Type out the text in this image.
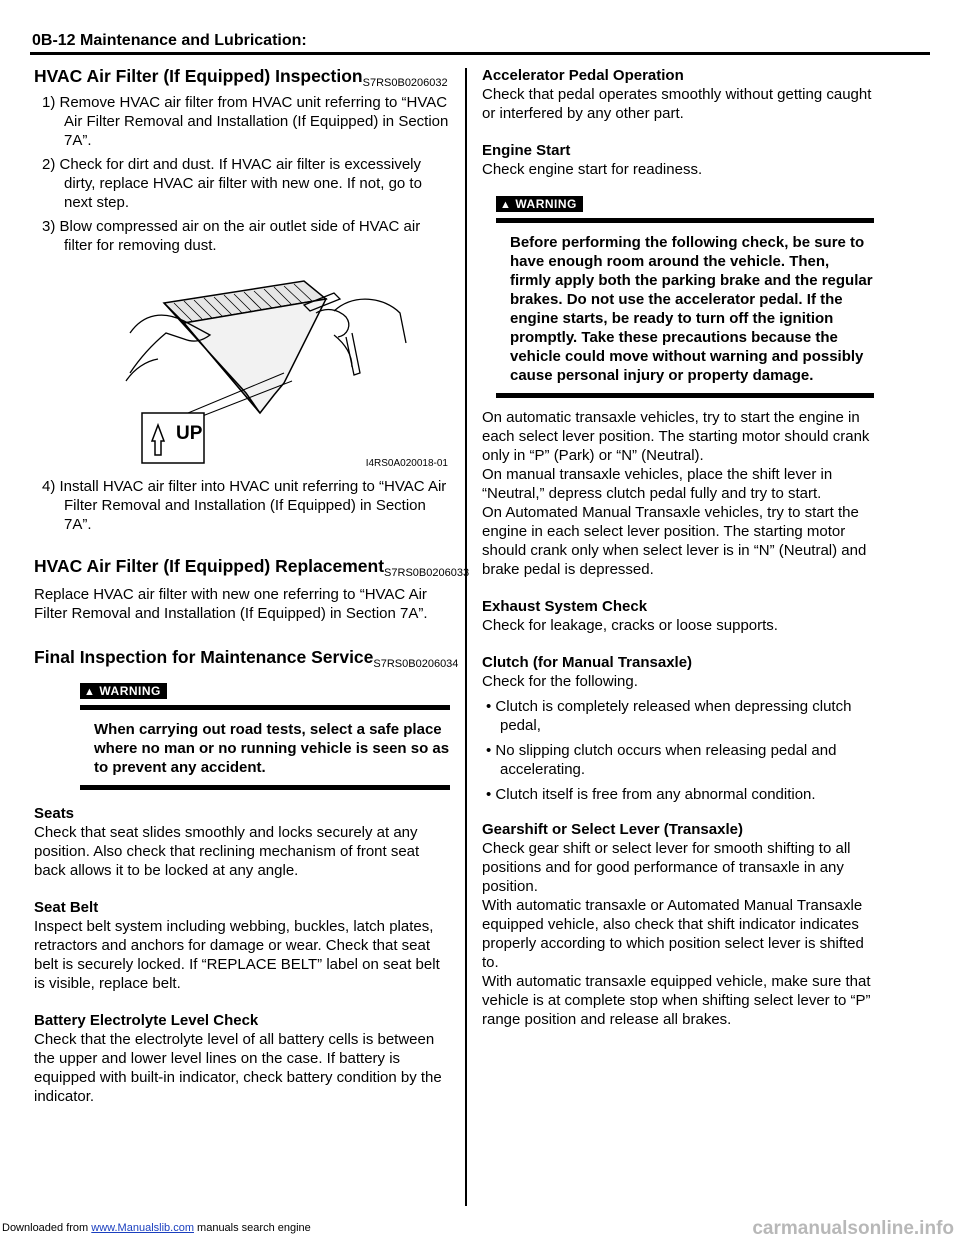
0B-12 Maintenance and Lubrication:
HVAC Air Filter (If Equipped) Inspection$_{S7RS0B0206032}$
1) Remove HVAC air filter from HVAC unit referring to “HVAC Air Filter Removal and Installation (If Equipped) in Section 7A”.
2) Check for dirt and dust. If HVAC air filter is excessively dirty, replace HVAC air filter with new one. If not, go to next step.
3) Blow compressed air on the air outlet side of HVAC air filter for removing dust.
UP
I4RS0A020018-01
4) Install HVAC air filter into HVAC unit referring to “HVAC Air Filter Removal and Installation (If Equipped) in Section 7A”.
HVAC Air Filter (If Equipped) Replacement$_{S7RS0B0206033}$

Replace HVAC air filter with new one referring to “HVAC Air Filter Removal and Installation (If Equipped) in Section 7A”.

Final Inspection for Maintenance Service$_{S7RS0B0206034}$
▲ WARNING
When carrying out road tests, select a safe place where no man or no running vehicle is seen so as to prevent any accident.

Seats

Check that seat slides smoothly and locks securely at any position. Also check that reclining mechanism of front seat back allows it to be locked at any angle.

Seat Belt

Inspect belt system including webbing, buckles, latch plates, retractors and anchors for damage or wear. Check that seat belt is securely locked. If “REPLACE BELT” label on seat belt is visible, replace belt.

Battery Electrolyte Level Check

Check that the electrolyte level of all battery cells is between the upper and lower level lines on the case. If battery is equipped with built-in indicator, check battery condition by the indicator.

Accelerator Pedal Operation

Check that pedal operates smoothly without getting caught or interfered by any other part.

Engine Start

Check engine start for readiness.

▲ WARNING
Before performing the following check, be sure to have enough room around the vehicle. Then, firmly apply both the parking brake and the regular brakes. Do not use the accelerator pedal. If the engine starts, be ready to turn off the ignition promptly. Take these precautions because the vehicle could move without warning and possibly cause personal injury or property damage.

On automatic transaxle vehicles, try to start the engine in each select lever position. The starting motor should crank only in “P” (Park) or “N” (Neutral).

On manual transaxle vehicles, place the shift lever in “Neutral,” depress clutch pedal fully and try to start.

On Automated Manual Transaxle vehicles, try to start the engine in each select lever position. The starting motor should crank only when select lever is in “N” (Neutral) and brake pedal is depressed.

Exhaust System Check

Check for leakage, cracks or loose supports.

Clutch (for Manual Transaxle)

Check for the following.

• Clutch is completely released when depressing clutch pedal,
• No slipping clutch occurs when releasing pedal and accelerating.
• Clutch itself is free from any abnormal condition.

Gearshift or Select Lever (Transaxle)

Check gear shift or select lever for smooth shifting to all positions and for good performance of transaxle in any position.

With automatic transaxle or Automated Manual Transaxle equipped vehicle, also check that shift indicator indicates properly according to which position select lever is shifted to.

With automatic transaxle equipped vehicle, make sure that vehicle is at complete stop when shifting select lever to “P” range position and release all brakes.

Downloaded from www.Manualslib.com manuals search engine	carmanualsonline.info
